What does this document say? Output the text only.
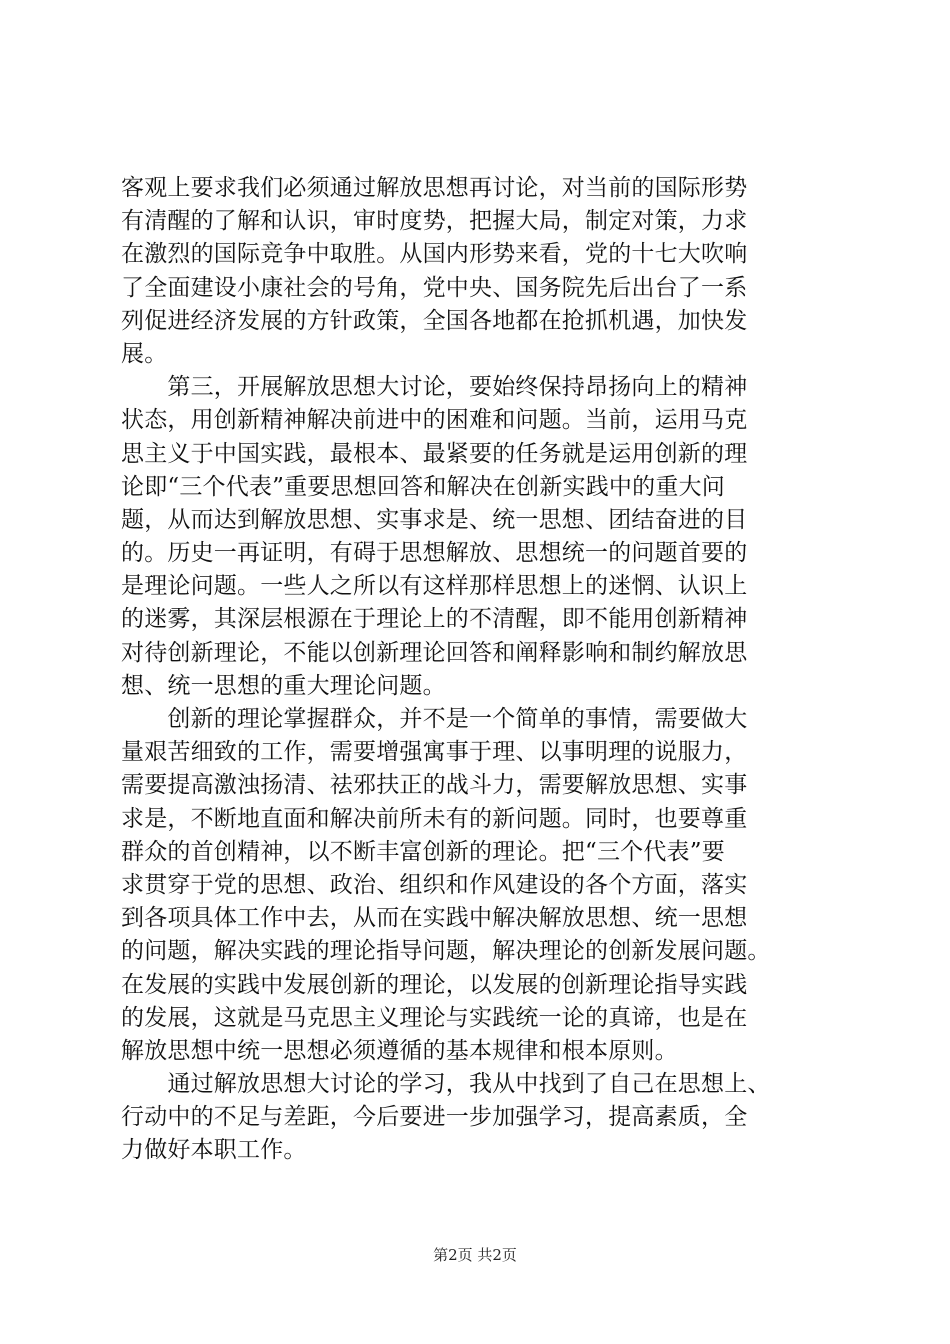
客观上要求我们必须通过解放思想再讨论，对当前的国际形势
有清醒的了解和认识，审时度势，把握大局，制定对策，力求
在激烈的国际竞争中取胜。从国内形势来看，党的十七大吹响
了全面建设小康社会的号角，党中央、国务院先后出台了一系
列促进经济发展的方针政策，全国各地都在抢抓机遇，加快发
展。
　　第三，开展解放思想大讨论，要始终保持昂扬向上的精神
状态，用创新精神解决前进中的困难和问题。当前，运用马克
思主义于中国实践，最根本、最紧要的任务就是运用创新的理
论即“三个代表”重要思想回答和解决在创新实践中的重大问
题，从而达到解放思想、实事求是、统一思想、团结奋进的目
的。历史一再证明，有碍于思想解放、思想统一的问题首要的
是理论问题。一些人之所以有这样那样思想上的迷惘、认识上
的迷雾，其深层根源在于理论上的不清醒，即不能用创新精神
对待创新理论，不能以创新理论回答和阐释影响和制约解放思
想、统一思想的重大理论问题。
　　创新的理论掌握群众，并不是一个简单的事情，需要做大
量艰苦细致的工作，需要增强寓事于理、以事明理的说服力，
需要提高激浊扬清、祛邪扶正的战斗力，需要解放思想、实事
求是，不断地直面和解决前所未有的新问题。同时，也要尊重
群众的首创精神，以不断丰富创新的理论。把“三个代表”要
求贯穿于党的思想、政治、组织和作风建设的各个方面，落实
到各项具体工作中去，从而在实践中解决解放思想、统一思想
的问题，解决实践的理论指导问题，解决理论的创新发展问题。
在发展的实践中发展创新的理论，以发展的创新理论指导实践
的发展，这就是马克思主义理论与实践统一论的真谛，也是在
解放思想中统一思想必须遵循的基本规律和根本原则。
　　通过解放思想大讨论的学习，我从中找到了自己在思想上、
行动中的不足与差距，今后要进一步加强学习，提高素质，全
力做好本职工作。
第2页 共2页
